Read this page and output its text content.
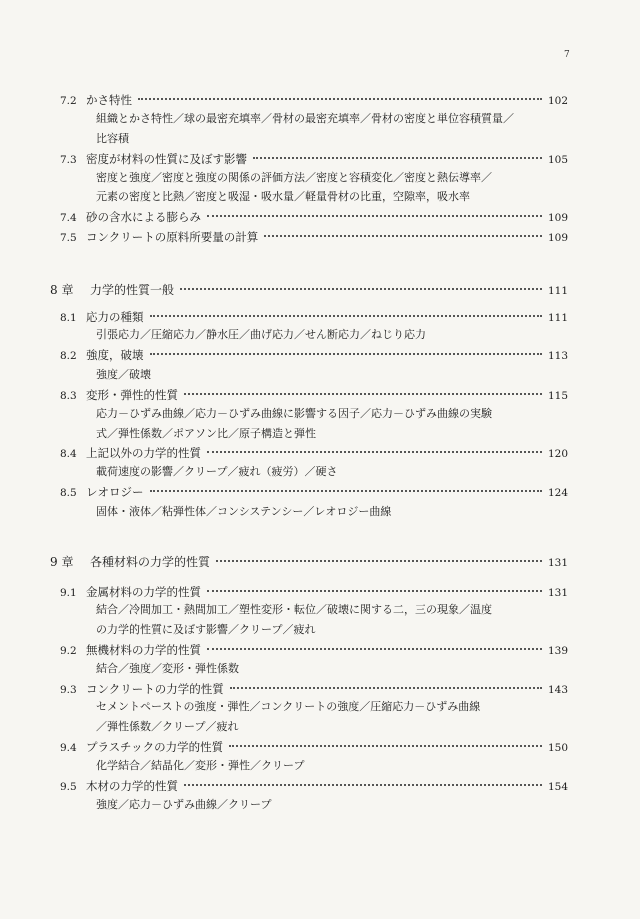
7
7.2 かさ特性	102
組織とかさ特性／球の最密充填率／骨材の最密充填率／骨材の密度と単位容積質量／
比容積
7.3 密度が材料の性質に及ぼす影響	105
密度と強度／密度と強度の関係の評価方法／密度と容積変化／密度と熱伝導率／
元素の密度と比熱／密度と吸湿・吸水量／軽量骨材の比重，空隙率，吸水率
7.4 砂の含水による膨らみ	109
7.5 コンクリートの原料所要量の計算	109
8 章	力学的性質一般	111
8.1 応力の種類	111
引張応力／圧縮応力／静水圧／曲げ応力／せん断応力／ねじり応力
8.2 強度，破壊	113
強度／破壊
8.3 変形・弾性的性質	115
応力－ひずみ曲線／応力－ひずみ曲線に影響する因子／応力－ひずみ曲線の実験
式／弾性係数／ポアソン比／原子構造と弾性
8.4 上記以外の力学的性質	120
載荷速度の影響／クリープ／疲れ（疲労）／硬さ
8.5 レオロジー	124
固体・液体／粘弾性体／コンシステンシー／レオロジー曲線
9 章	各種材料の力学的性質	131
9.1 金属材料の力学的性質	131
結合／冷間加工・熱間加工／塑性変形・転位／破壊に関する二，三の現象／温度
の力学的性質に及ぼす影響／クリープ／疲れ
9.2 無機材料の力学的性質	139
結合／強度／変形・弾性係数
9.3 コンクリートの力学的性質	143
セメントペーストの強度・弾性／コンクリートの強度／圧縮応力－ひずみ曲線
／弾性係数／クリープ／疲れ
9.4 プラスチックの力学的性質	150
化学結合／結晶化／変形・弾性／クリープ
9.5 木材の力学的性質	154
強度／応力－ひずみ曲線／クリープ
